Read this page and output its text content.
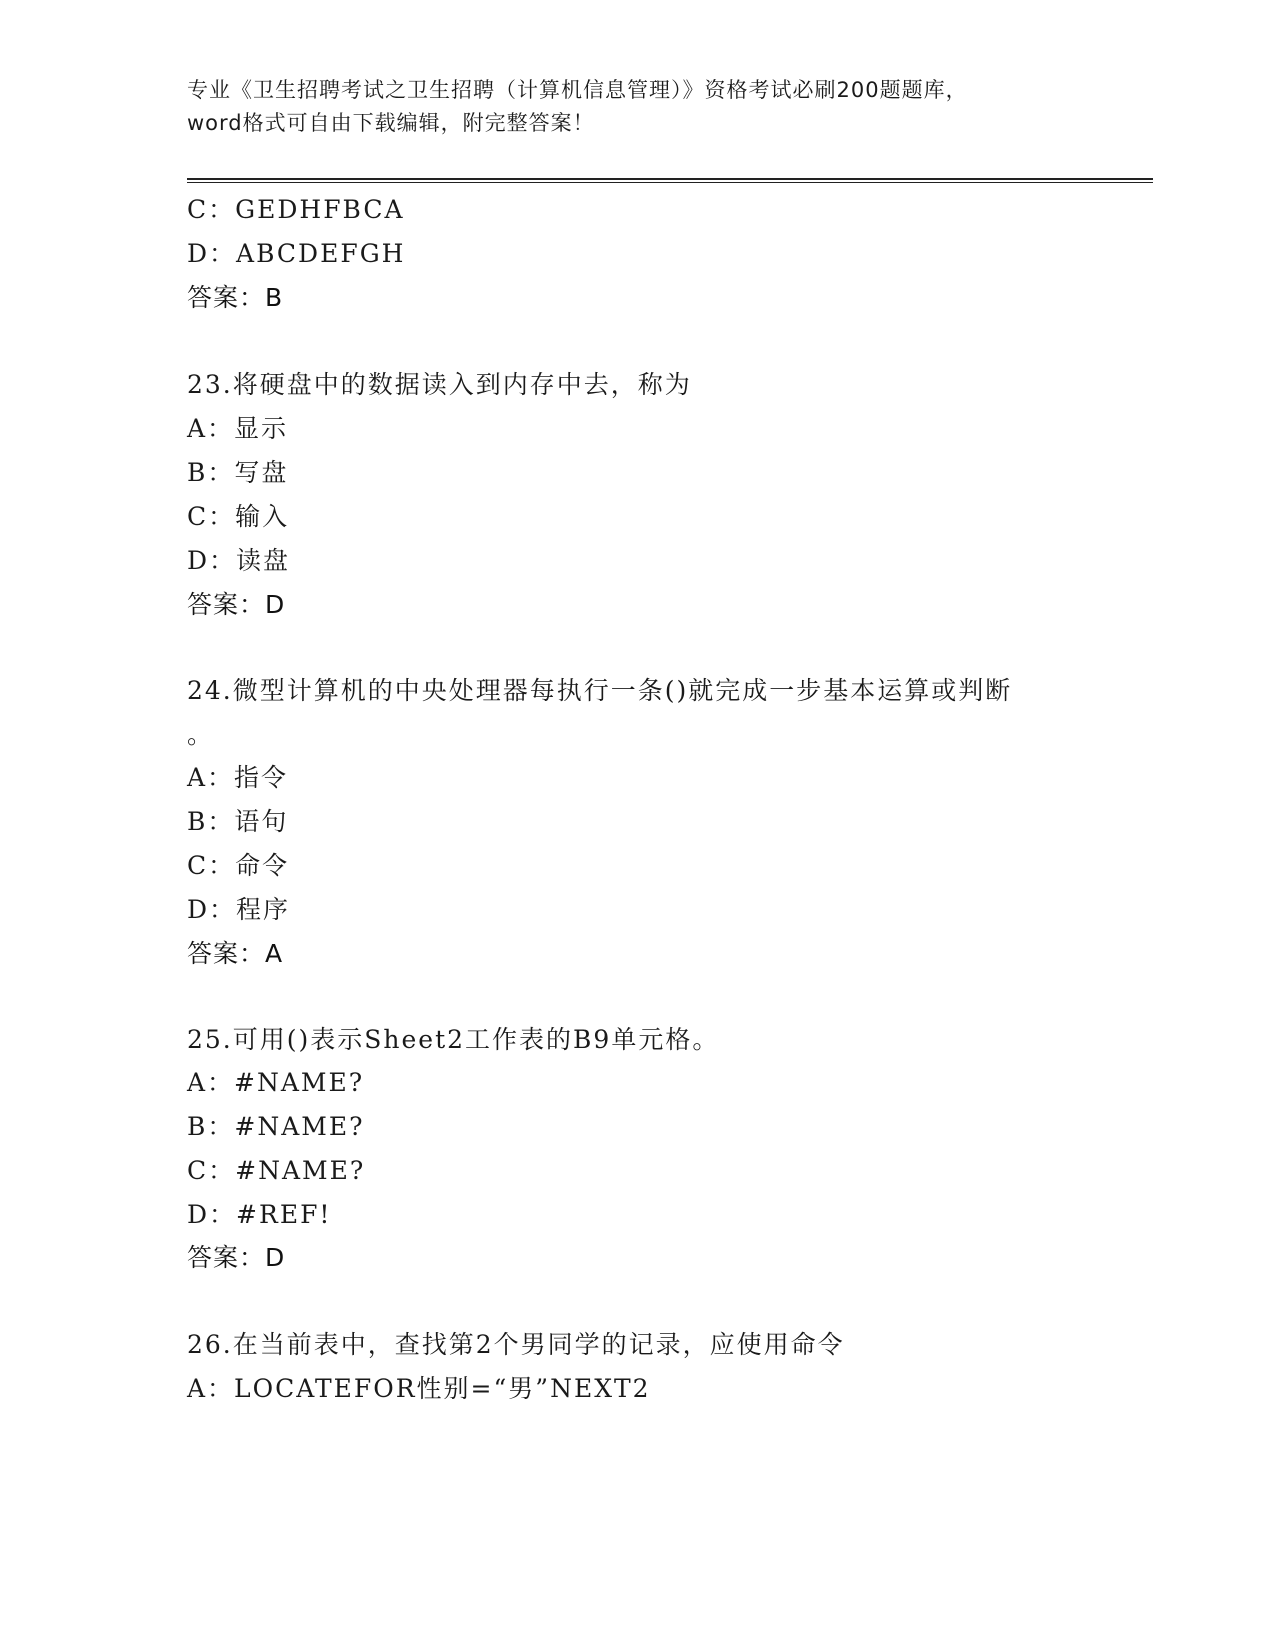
专业《卫生招聘考试之卫生招聘（计算机信息管理）》资格考试必刷200题题库，
word格式可自由下载编辑，附完整答案！
C：GEDHFBCA
D：ABCDEFGH
答案：B
23.将硬盘中的数据读入到内存中去，称为
A：显示
B：写盘
C：输入
D：读盘
答案：D
24.微型计算机的中央处理器每执行一条()就完成一步基本运算或判断
。
A：指令
B：语句
C：命令
D：程序
答案：A
25.可用()表示Sheet2工作表的B9单元格。
A：#NAME?
B：#NAME?
C：#NAME?
D：#REF!
答案：D
26.在当前表中，查找第2个男同学的记录，应使用命令
A：LOCATEFOR性别=“男”NEXT2
